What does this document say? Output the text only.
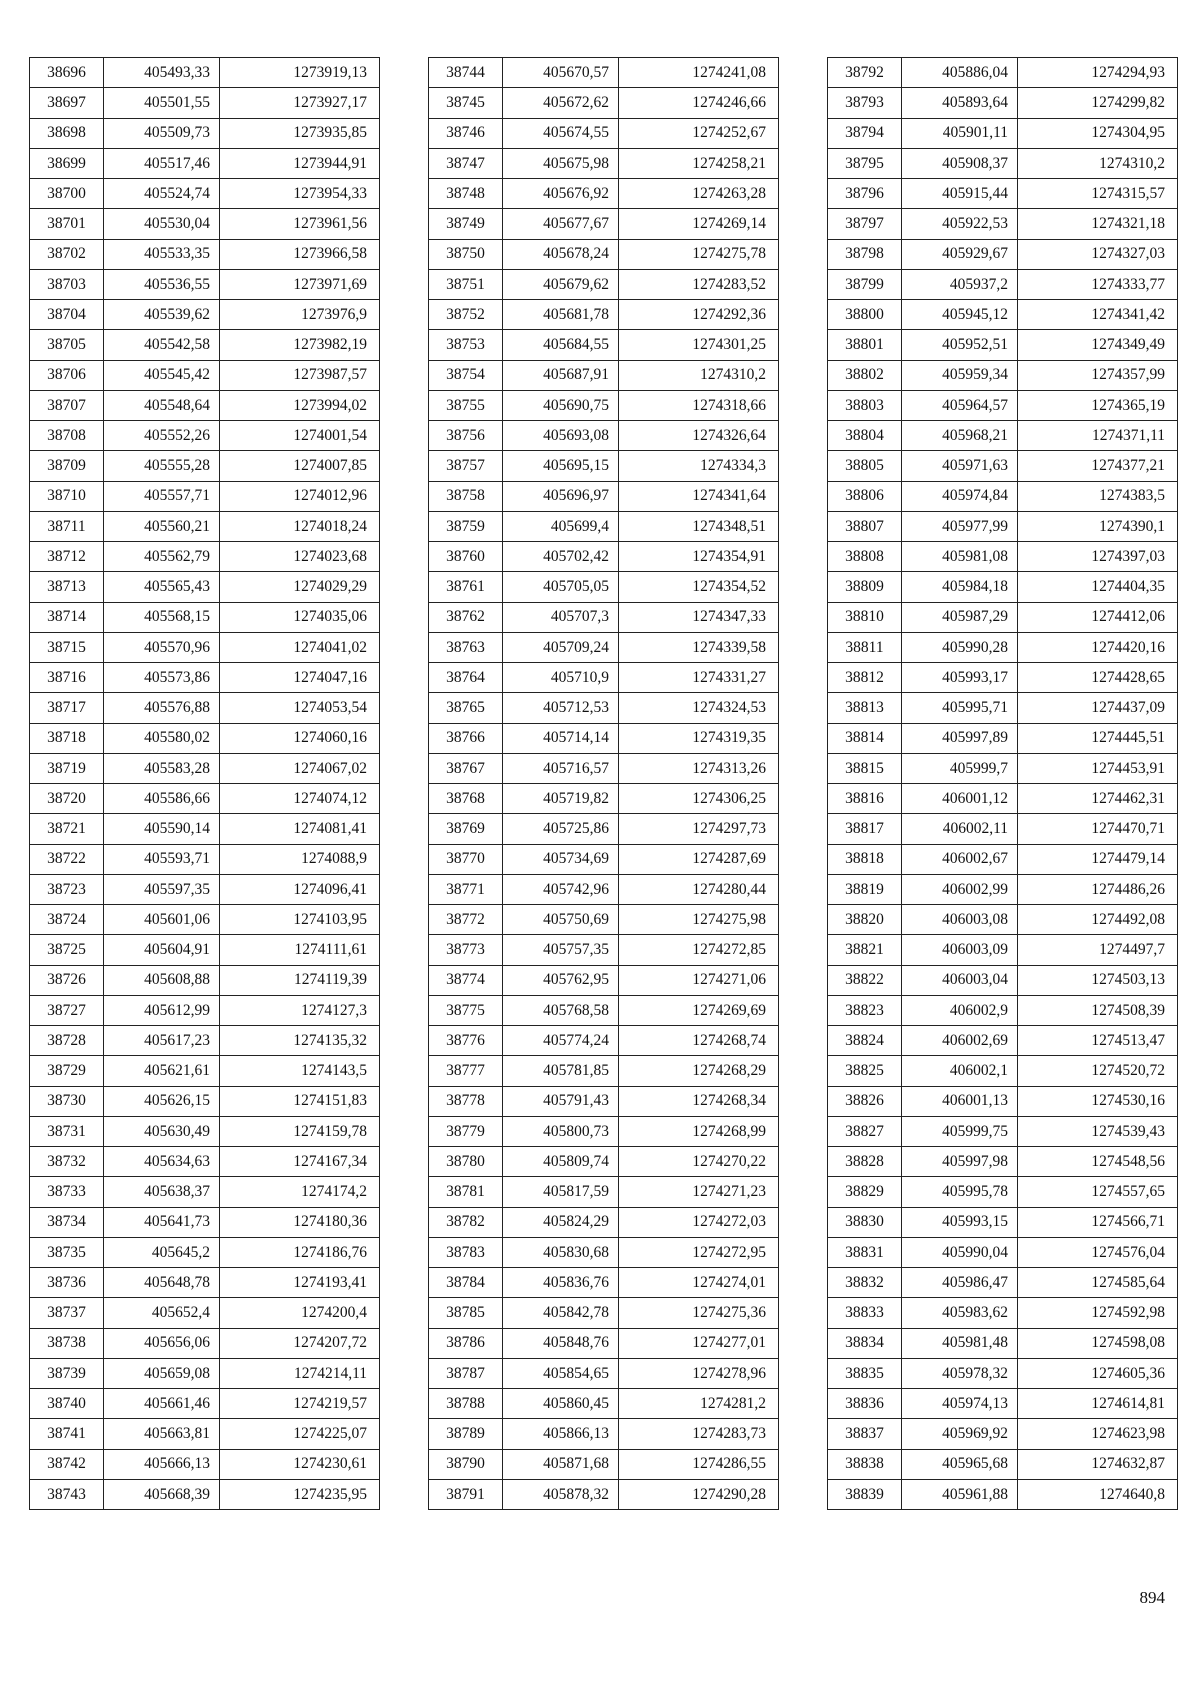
38696	405493,33	1273919,13
38697	405501,55	1273927,17
38698	405509,73	1273935,85
38699	405517,46	1273944,91
38700	405524,74	1273954,33
38701	405530,04	1273961,56
38702	405533,35	1273966,58
38703	405536,55	1273971,69
38704	405539,62	1273976,9
38705	405542,58	1273982,19
38706	405545,42	1273987,57
38707	405548,64	1273994,02
38708	405552,26	1274001,54
38709	405555,28	1274007,85
38710	405557,71	1274012,96
38711	405560,21	1274018,24
38712	405562,79	1274023,68
38713	405565,43	1274029,29
38714	405568,15	1274035,06
38715	405570,96	1274041,02
38716	405573,86	1274047,16
38717	405576,88	1274053,54
38718	405580,02	1274060,16
38719	405583,28	1274067,02
38720	405586,66	1274074,12
38721	405590,14	1274081,41
38722	405593,71	1274088,9
38723	405597,35	1274096,41
38724	405601,06	1274103,95
38725	405604,91	1274111,61
38726	405608,88	1274119,39
38727	405612,99	1274127,3
38728	405617,23	1274135,32
38729	405621,61	1274143,5
38730	405626,15	1274151,83
38731	405630,49	1274159,78
38732	405634,63	1274167,34
38733	405638,37	1274174,2
38734	405641,73	1274180,36
38735	405645,2	1274186,76
38736	405648,78	1274193,41
38737	405652,4	1274200,4
38738	405656,06	1274207,72
38739	405659,08	1274214,11
38740	405661,46	1274219,57
38741	405663,81	1274225,07
38742	405666,13	1274230,61
38743	405668,39	1274235,95
38744	405670,57	1274241,08
38745	405672,62	1274246,66
38746	405674,55	1274252,67
38747	405675,98	1274258,21
38748	405676,92	1274263,28
38749	405677,67	1274269,14
38750	405678,24	1274275,78
38751	405679,62	1274283,52
38752	405681,78	1274292,36
38753	405684,55	1274301,25
38754	405687,91	1274310,2
38755	405690,75	1274318,66
38756	405693,08	1274326,64
38757	405695,15	1274334,3
38758	405696,97	1274341,64
38759	405699,4	1274348,51
38760	405702,42	1274354,91
38761	405705,05	1274354,52
38762	405707,3	1274347,33
38763	405709,24	1274339,58
38764	405710,9	1274331,27
38765	405712,53	1274324,53
38766	405714,14	1274319,35
38767	405716,57	1274313,26
38768	405719,82	1274306,25
38769	405725,86	1274297,73
38770	405734,69	1274287,69
38771	405742,96	1274280,44
38772	405750,69	1274275,98
38773	405757,35	1274272,85
38774	405762,95	1274271,06
38775	405768,58	1274269,69
38776	405774,24	1274268,74
38777	405781,85	1274268,29
38778	405791,43	1274268,34
38779	405800,73	1274268,99
38780	405809,74	1274270,22
38781	405817,59	1274271,23
38782	405824,29	1274272,03
38783	405830,68	1274272,95
38784	405836,76	1274274,01
38785	405842,78	1274275,36
38786	405848,76	1274277,01
38787	405854,65	1274278,96
38788	405860,45	1274281,2
38789	405866,13	1274283,73
38790	405871,68	1274286,55
38791	405878,32	1274290,28
38792	405886,04	1274294,93
38793	405893,64	1274299,82
38794	405901,11	1274304,95
38795	405908,37	1274310,2
38796	405915,44	1274315,57
38797	405922,53	1274321,18
38798	405929,67	1274327,03
38799	405937,2	1274333,77
38800	405945,12	1274341,42
38801	405952,51	1274349,49
38802	405959,34	1274357,99
38803	405964,57	1274365,19
38804	405968,21	1274371,11
38805	405971,63	1274377,21
38806	405974,84	1274383,5
38807	405977,99	1274390,1
38808	405981,08	1274397,03
38809	405984,18	1274404,35
38810	405987,29	1274412,06
38811	405990,28	1274420,16
38812	405993,17	1274428,65
38813	405995,71	1274437,09
38814	405997,89	1274445,51
38815	405999,7	1274453,91
38816	406001,12	1274462,31
38817	406002,11	1274470,71
38818	406002,67	1274479,14
38819	406002,99	1274486,26
38820	406003,08	1274492,08
38821	406003,09	1274497,7
38822	406003,04	1274503,13
38823	406002,9	1274508,39
38824	406002,69	1274513,47
38825	406002,1	1274520,72
38826	406001,13	1274530,16
38827	405999,75	1274539,43
38828	405997,98	1274548,56
38829	405995,78	1274557,65
38830	405993,15	1274566,71
38831	405990,04	1274576,04
38832	405986,47	1274585,64
38833	405983,62	1274592,98
38834	405981,48	1274598,08
38835	405978,32	1274605,36
38836	405974,13	1274614,81
38837	405969,92	1274623,98
38838	405965,68	1274632,87
38839	405961,88	1274640,8
894
